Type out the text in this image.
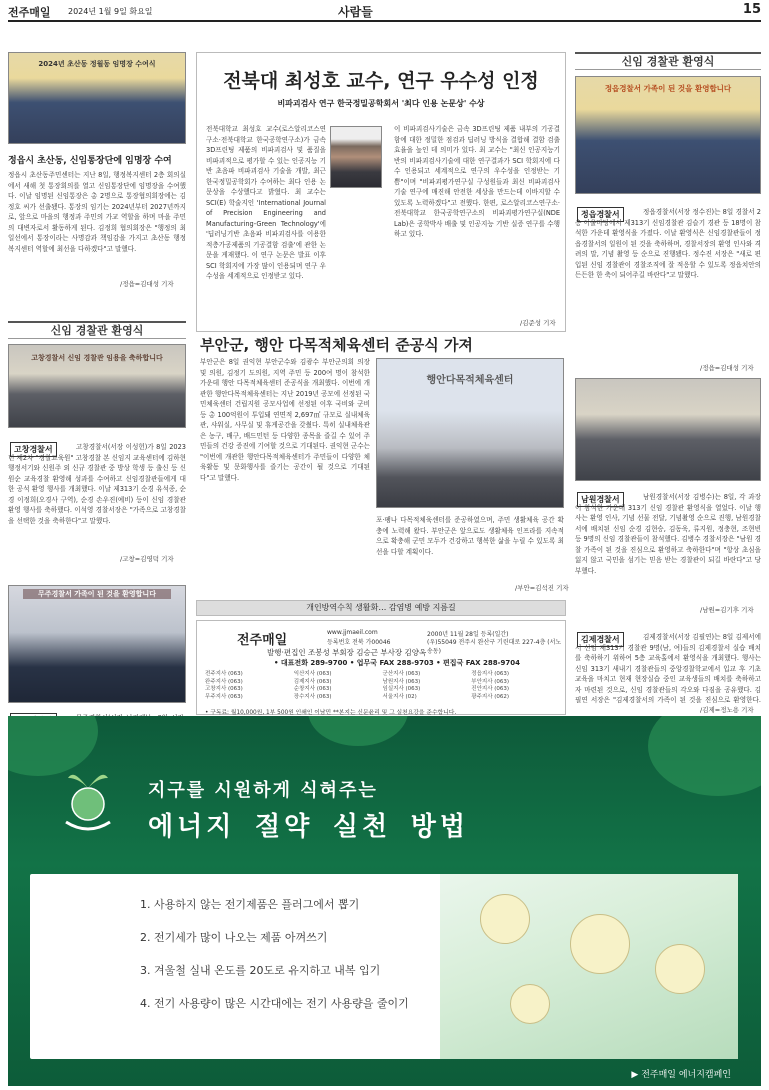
전주매일 2024년 1월 9일 화요일	사람들	15
2024년 초산동 정월동 임명장 수여식
정읍시 초산동, 신임통장단에 임명장 수여
정읍시 초산동주민센터는 지난 8일, 행정복지센터 2층 회의실에서 새해 첫 통장회의를 열고 신임통장단에 임명장을 수여했다. 이날 임명된 신임통장은 총 2명으로 통장협의회장에는 김정호 씨가 선출됐다. 통장의 임기는 2024년부터 2027년까지로, 앞으로 마을의 행정과 주민의 가교 역할을 하며 마을 주민의 대변자로서 활동하게 된다. 김정희 협의회장은 "행정의 최일선에서 통장이라는 사명감과 책임감을 가지고 초산동 행정복지센터 역할에 최선을 다하겠다"고 말했다.
/정읍=김대성 기자
신임 경찰관 환영식
고창경찰서 신임 경찰관 임용을 축하합니다
고창경찰서	고창경찰서(서장 이성헌)가 8일 2023년 제2차 "경찰교육원" 고창경찰 본 신임지 교육센터에 김하현 행정서기와 신원주 외 신규 경찰관 중 방상 학생 등 출신 등 신원순 교육경찰 환영해 성과를 수여하고 신임경찰관들에게 대한 공석 환영 행사를 개최했다. 이날 제313기 순경 유석종, 순경 이정희(오경사 구역), 순경 손우진(예비) 등이 신임 경찰관 환영 행사를 축하했다. 이석영 경찰서장은 "가족으로 고창경찰을 선택한 것을 축하한다"고 말했다.
/고창=김영덕 기자
무주경찰서 가족이 된 것을 환영합니다
전북대 최성호 교수, 연구 우수성 인정
비파괴검사 연구 한국정밀공학회서 '최다 인용 논문상' 수상
전북대학교 최성호 교수(로스알리코스연구소·전북대학교 한국공학연구소)가 금속 3D프린팅 제품의 비파괴검사 및 품질을 비파괴적으로 평가할 수 있는 인공지능 기반 초음파 비파괴검사 기술을 개발, 최근 한국정밀공학회가 수여하는 최다 인용 논문상을 수상했다고 밝혔다. 최 교수는 SCI(E) 학술지인 'International Journal of Precision Engineering and Manufacturing-Green Technology'에 '딥러닝기반 초음파 비파괴검사를 이용한 적층가공제품의 기공결함 검출'에 관한 논문을 게재했다. 이 연구 논문은 발표 이후 SCI 학회지에 가장 많이 인용되며 연구 우수성을 세계적으로 인정받고 있다.
이 비파괴검사기술은 금속 3D프린팅 제품 내부의 기공결함에 대한 정밀한 점검과 딥러닝 방식을 결합해 결함 검출 효율을 높인 데 의미가 있다. 최 교수는 "최신 인공지능기반의 비파괴검사기술에 대한 연구결과가 SCI 학회지에 다수 인용되고 세계적으로 연구의 우수성을 인정받는 기쁨"이며 "비파괴평가연구실 구성원들과 최신 비파괴검사 기술 연구에 매진해 안전한 세상을 만드는데 이바지할 수 있도록 노력하겠다"고 전했다. 한편, 로스알리코스연구소·전북대학교 한국공학연구소의 비파괴평가연구실(NDE Lab)은 공학박사 배출 및 인공지능 기반 실증 연구를 수행하고 있다.
/김준성 기자
부안군, 행안 다목적체육센터 준공식 가져
부안군은 8일 권익현 부안군수와 김광수 부안군의회 의장 및 의원, 김정기 도의원, 지역 주민 등 200여 명이 참석한 가운데 행안 다목적체육센터 준공식을 개최했다. 이번에 개관한 행안다목적체육센터는 지난 2019년 공모에 선정된 국민체육센터 건립지원 공모사업에 선정된 이후 국비와 군비 등 총 100억원이 투입돼 연면적 2,697㎡ 규모로 실내체육관, 샤워실, 사무실 및 휴게공간을 갖췄다. 특히 실내체육관은 농구, 배구, 배드민턴 등 다양한 종목을 즐길 수 있어 주민들의 건강 증진에 기여할 것으로 기대된다. 권익현 군수는 "이번에 개관한 행안다목적체육센터가 주민들이 다양한 체육활동 및 문화행사를 즐기는 공간이 될 것으로 기대된다"고 말했다.
행안다목적체육센터
포·팽나 다목적체육센터를 준공하였으며, 주민 생활체육 공간 확충에 노력해 왔다. 부안군은 앞으로도 생활체육 인프라를 지속적으로 확충해 군민 모두가 건강하고 행복한 삶을 누릴 수 있도록 최선을 다할 계획이다.
/부안=김석진 기자
개인방역수칙 생활화… 감염병 예방 지름길
전주매일
www.jjmaeil.com
등록번호 전북 가00046
2000년 11월 28일 등록(일간)
(우)55049 전주시 완산구 기린대로 227-4층 (서노송동)
발행·편집인 조봉성 부회장 김승근 부사장 김양옥
• 대표전화 289-9700 • 업무국 FAX 288-9703 • 편집국 FAX 288-9704
전주지사 (063)	익산지사 (063)	군산지사 (063)	정읍지사 (063)
완주지사 (063)	김제지사 (063)	남원지사 (063)	부안지사 (063)
고창지사 (063)	순창지사 (063)	임실지사 (063)	진안지사 (063)
무주지사 (063)	장수지사 (063)	서울지사 (02)	광주지사 (062)
• 구독료: 월10,000원, 1부 500원 인쇄인 이남민 **본지는 신문윤리 및 그 실천요강을 준수합니다.
신임 경찰관 환영식
정읍경찰서 가족이 된 것을 환영합니다
정읍경찰서	정읍경찰서(서장 정수진)는 8일 경찰서 2층 어울마당에서 제313기 신임경찰관 김슬기 경관 등 18명이 참석한 가운데 환영식을 가졌다. 이날 환영식은 신임경찰관들이 정읍경찰서의 일원이 된 것을 축하하며, 경찰서장의 환영 인사와 격려의 말, 기념 촬영 등 순으로 진행됐다. 정수진 서장은 "새로 편입된 신임 경찰관이 경찰조직에 잘 적응할 수 있도록 정읍치안의 든든한 한 축이 되어주길 바란다"고 말했다.
/정읍=김대성 기자
남원경찰서	남원경찰서(서장 김병수)는 8일, 각 과장이 참석한 가운데 313기 신임 경찰관 환영식을 열었다. 이날 행사는 환영 인사, 기념 선물 전달, 기념촬영 순으로 진행, 남원경찰서에 배치된 신임 순경 김현승, 김동욱, 류지원, 정충현, 조현빈 등 9명의 신임 경찰관들이 참석했다. 김병수 경찰서장은 "남원 경찰 가족이 된 것을 진심으로 환영하고 축하한다"며 "항상 초심을 잃지 않고 국민을 섬기는 믿음 받는 경찰관이 되길 바란다"고 당부했다.
/남원=김기후 기자
김제경찰서	김제경찰서(서장 김필연)는 8일 김제서에서 신임 제313기 경찰관 9명(남, 여)들의 김제경찰서 실습 배치를 축하하기 위하여 5층 교육홀에서 환영식을 개최했다. 행사는 신임 313기 새내기 경찰관들의 중앙경찰학교에서 입교 후 기초교육을 마치고 현재 현장실습 중인 교육생들의 배치를 축하하고자 마련된 것으로, 신임 경찰관들의 각오와 다짐을 공유했다. 김필연 서장은 "김제경찰서의 가족이 된 것을 진심으로 환영한다.
/김제=정노용 기자
지구를 시원하게 식혀주는
에너지 절약 실천 방법
1. 사용하지 않는 전기제품은 플러그에서 뽑기
2. 전기세가 많이 나오는 제품 아껴쓰기
3. 겨울철 실내 온도를 20도로 유지하고 내복 입기
4. 전기 사용량이 많은 시간대에는 전기 사용량을 줄이기
▶ 전주매일 에너지캠페인
